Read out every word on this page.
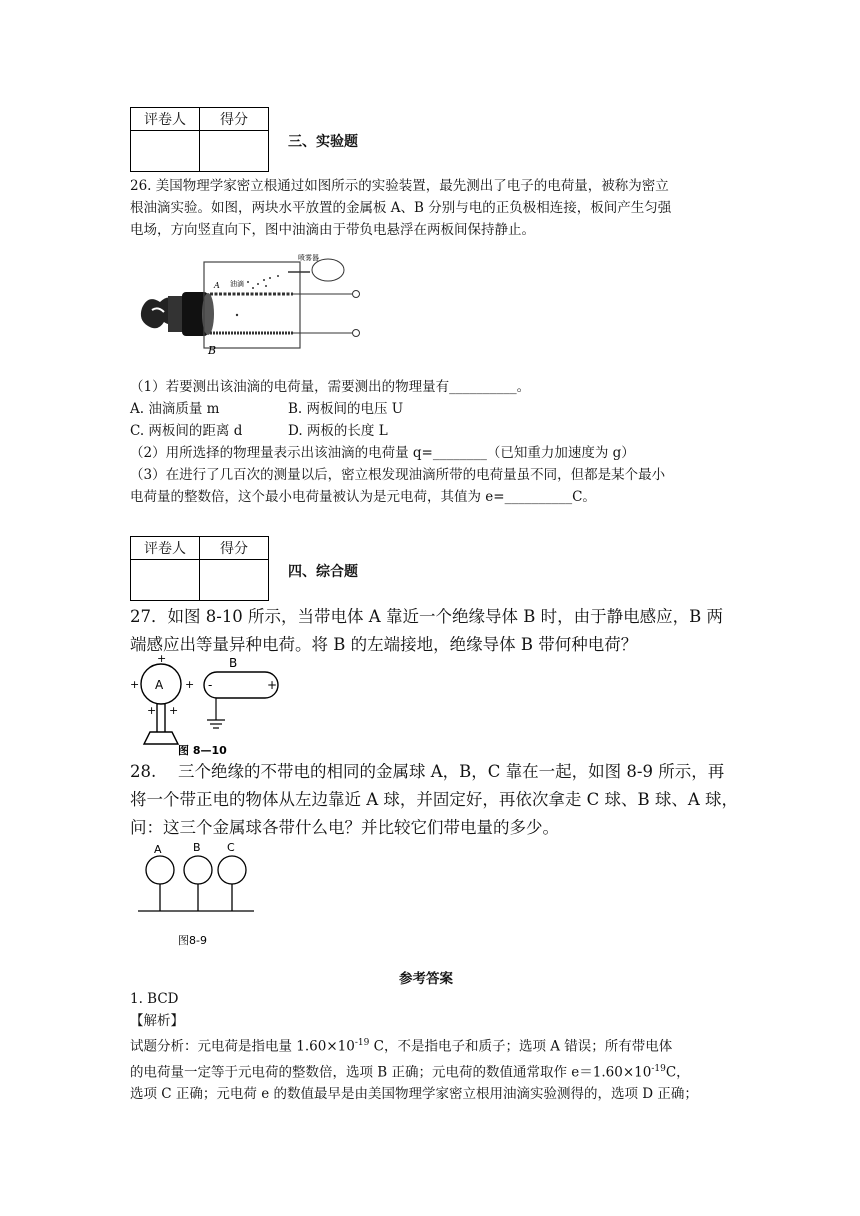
评卷人	得分

三、实验题
26. 美国物理学家密立根通过如图所示的实验装置，最先测出了电子的电荷量，被称为密立
根油滴实验。如图，两块水平放置的金属板 A、B 分别与电的正负极相连接，板间产生匀强
电场，方向竖直向下，图中油滴由于带负电悬浮在两板间保持静止。
喷雾器
油滴
A
B
（1）若要测出该油滴的电荷量，需要测出的物理量有__________。
A. 油滴质量 m	B. 两板间的电压 U
C. 两板间的距离 d	D. 两板的长度 L
（2）用所选择的物理量表示出该油滴的电荷量 q=________（已知重力加速度为 g）
（3）在进行了几百次的测量以后，密立根发现油滴所带的电荷量虽不同，但都是某个最小
电荷量的整数倍，这个最小电荷量被认为是元电荷，其值为 e=__________C。
评卷人	得分

四、综合题
27．如图 8-10 所示，当带电体 A 靠近一个绝缘导体 B 时，由于静电感应，B 两
端感应出等量异种电荷。将 B 的左端接地，绝缘导体 B 带何种电荷？
A
+
+	+
+ +
-	+
B
图 8—10
28.　 三个绝缘的不带电的相同的金属球 A，B，C 靠在一起，如图 8-9 所示，再
将一个带正电的物体从左边靠近 A 球，并固定好，再依次拿走 C 球、B 球、A 球，
问：这三个金属球各带什么电？并比较它们带电量的多少。
A	B C
图8-9
参考答案
1. BCD
【解析】
试题分析：元电荷是指电量 $1.60\times 10^{-19}$ C，不是指电子和质子；选项 A 错误；所有带电体
的电荷量一定等于元电荷的整数倍，选项 B 正确；元电荷的数值通常取作 $e=1.60\times 10^{-19}C$，
选项 C 正确；元电荷 e 的数值最早是由美国物理学家密立根用油滴实验测得的，选项 D 正确；
